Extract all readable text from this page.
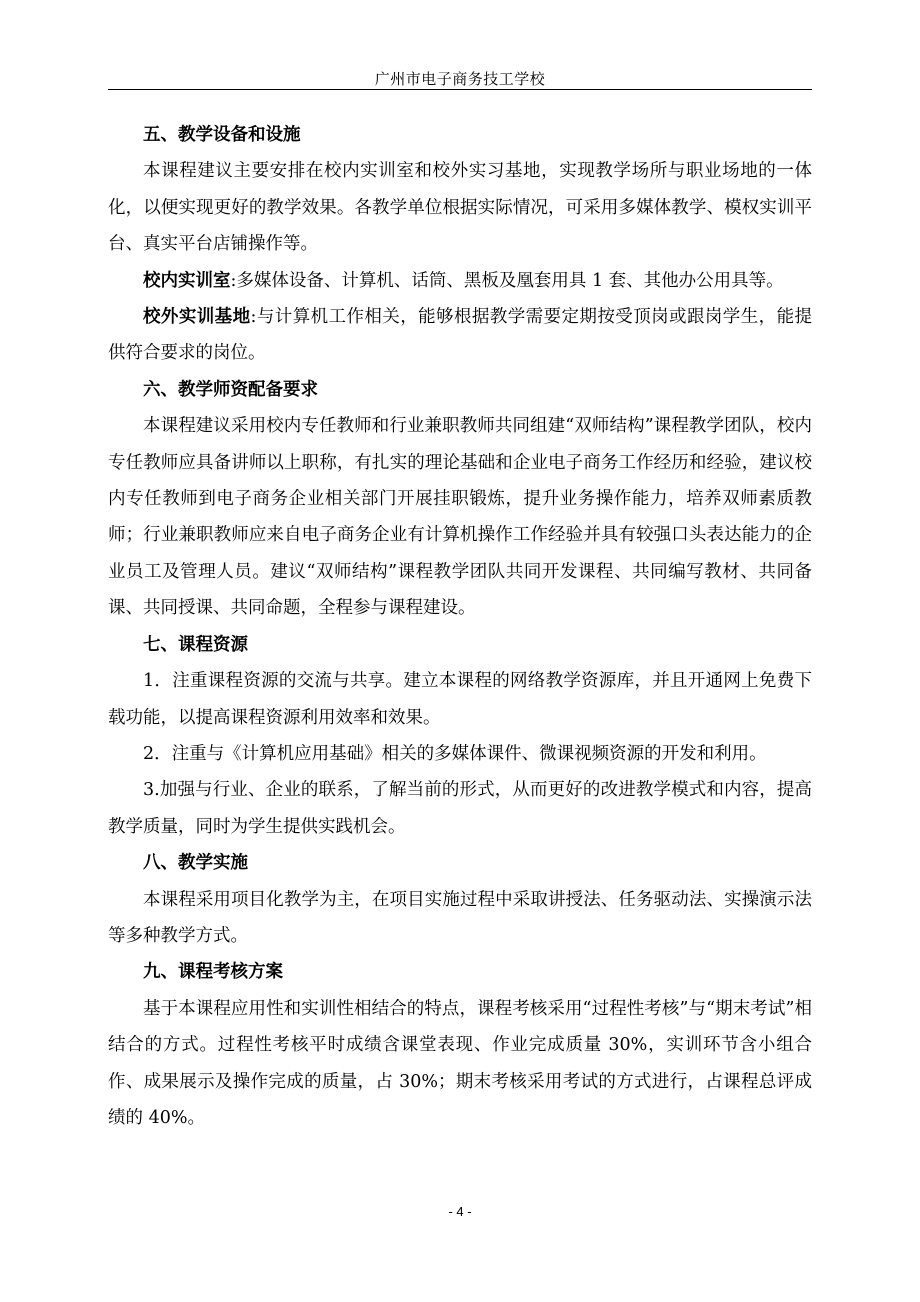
广州市电子商务技工学校
五、教学设备和设施

本课程建议主要安排在校内实训室和校外实习基地，实现教学场所与职业场地的一体化，以便实现更好的教学效果。各教学单位根据实际情况，可采用多媒体教学、模权实训平台、真实平台店铺操作等。

校内实训室:多媒体设备、计算机、话筒、黑板及凰套用具 1 套、其他办公用具等。

校外实训基地:与计算机工作相关，能够根据教学需要定期按受顶岗或跟岗学生，能提供符合要求的岗位。

六、教学师资配备要求

本课程建议采用校内专任教师和行业兼职教师共同组建“双师结构”课程教学团队，校内专任教师应具备讲师以上职称，有扎实的理论基础和企业电子商务工作经历和经验，建议校内专任教师到电子商务企业相关部门开展挂职锻炼，提升业务操作能力，培养双师素质教师；行业兼职教师应来自电子商务企业有计算机操作工作经验并具有较强口头表达能力的企业员工及管理人员。建议“双师结构”课程教学团队共同开发课程、共同编写教材、共同备课、共同授课、共同命题，全程参与课程建设。

七、课程资源

1．注重课程资源的交流与共享。建立本课程的网络教学资源库，并且开通网上免费下载功能，以提高课程资源利用效率和效果。

2．注重与《计算机应用基础》相关的多媒体课件、微课视频资源的开发和利用。

3.加强与行业、企业的联系，了解当前的形式，从而更好的改进教学模式和内容，提高教学质量，同时为学生提供实践机会。

八、教学实施

本课程采用项目化教学为主，在项目实施过程中采取讲授法、任务驱动法、实操演示法等多种教学方式。

九、课程考核方案

基于本课程应用性和实训性相结合的特点，课程考核采用“过程性考核”与“期末考试”相结合的方式。过程性考核平时成绩含课堂表现、作业完成质量 30%，实训环节含小组合作、成果展示及操作完成的质量，占 30%；期末考核采用考试的方式进行，占课程总评成绩的 40%。

- 4 -
